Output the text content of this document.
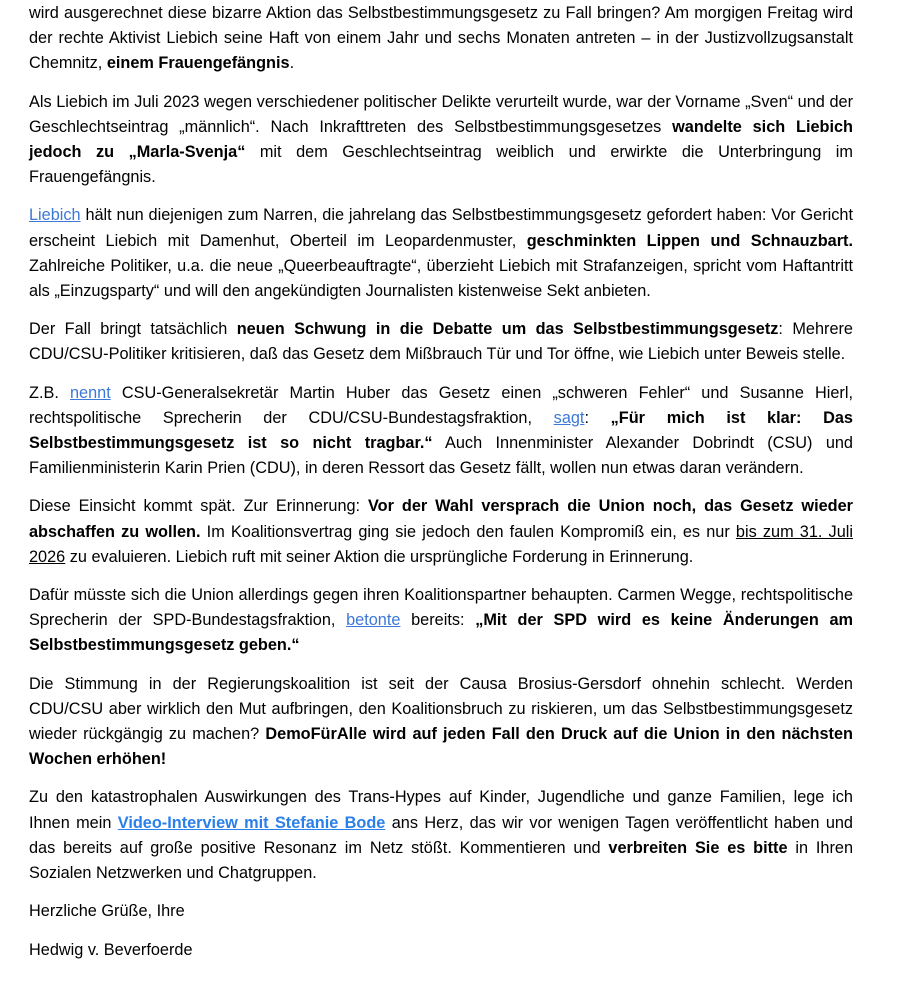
wird ausgerechnet diese bizarre Aktion das Selbstbestimmungsgesetz zu Fall bringen? Am morgigen Freitag wird der rechte Aktivist Liebich seine Haft von einem Jahr und sechs Monaten antreten – in der Justizvollzugsanstalt Chemnitz, einem Frauengefängnis.

Als Liebich im Juli 2023 wegen verschiedener politischer Delikte verurteilt wurde, war der Vorname „Sven“ und der Geschlechtseintrag „männlich“. Nach Inkrafttreten des Selbstbestimmungsgesetzes wandelte sich Liebich jedoch zu „Marla-Svenja“ mit dem Geschlechtseintrag weiblich und erwirkte die Unterbringung im Frauengefängnis.

Liebich hält nun diejenigen zum Narren, die jahrelang das Selbstbestimmungsgesetz gefordert haben: Vor Gericht erscheint Liebich mit Damenhut, Oberteil im Leopardenmuster, geschminkten Lippen und Schnauzbart. Zahlreiche Politiker, u.a. die neue „Queerbeauftragte“, überzieht Liebich mit Strafanzeigen, spricht vom Haftantritt als „Einzugsparty“ und will den angekündigten Journalisten kistenweise Sekt anbieten.

Der Fall bringt tatsächlich neuen Schwung in die Debatte um das Selbstbestimmungsgesetz: Mehrere CDU/CSU-Politiker kritisieren, daß das Gesetz dem Mißbrauch Tür und Tor öffne, wie Liebich unter Beweis stelle.

Z.B. nennt CSU-Generalsekretär Martin Huber das Gesetz einen „schweren Fehler“ und Susanne Hierl, rechtspolitische Sprecherin der CDU/CSU-Bundestagsfraktion, sagt: „Für mich ist klar: Das Selbstbestimmungsgesetz ist so nicht tragbar.“ Auch Innenminister Alexander Dobrindt (CSU) und Familienministerin Karin Prien (CDU), in deren Ressort das Gesetz fällt, wollen nun etwas daran verändern.

Diese Einsicht kommt spät. Zur Erinnerung: Vor der Wahl versprach die Union noch, das Gesetz wieder abschaffen zu wollen. Im Koalitionsvertrag ging sie jedoch den faulen Kompromiß ein, es nur bis zum 31. Juli 2026 zu evaluieren. Liebich ruft mit seiner Aktion die ursprüngliche Forderung in Erinnerung.

Dafür müsste sich die Union allerdings gegen ihren Koalitionspartner behaupten. Carmen Wegge, rechtspolitische Sprecherin der SPD-Bundestagsfraktion, betonte bereits: „Mit der SPD wird es keine Änderungen am Selbstbestimmungsgesetz geben.“

Die Stimmung in der Regierungskoalition ist seit der Causa Brosius-Gersdorf ohnehin schlecht. Werden CDU/CSU aber wirklich den Mut aufbringen, den Koalitionsbruch zu riskieren, um das Selbstbestimmungsgesetz wieder rückgängig zu machen? DemoFürAlle wird auf jeden Fall den Druck auf die Union in den nächsten Wochen erhöhen!

Zu den katastrophalen Auswirkungen des Trans-Hypes auf Kinder, Jugendliche und ganze Familien, lege ich Ihnen mein Video-Interview mit Stefanie Bode ans Herz, das wir vor wenigen Tagen veröffentlicht haben und das bereits auf große positive Resonanz im Netz stößt. Kommentieren und verbreiten Sie es bitte in Ihren Sozialen Netzwerken und Chatgruppen.

Herzliche Grüße, Ihre

Hedwig v. Beverfoerde
